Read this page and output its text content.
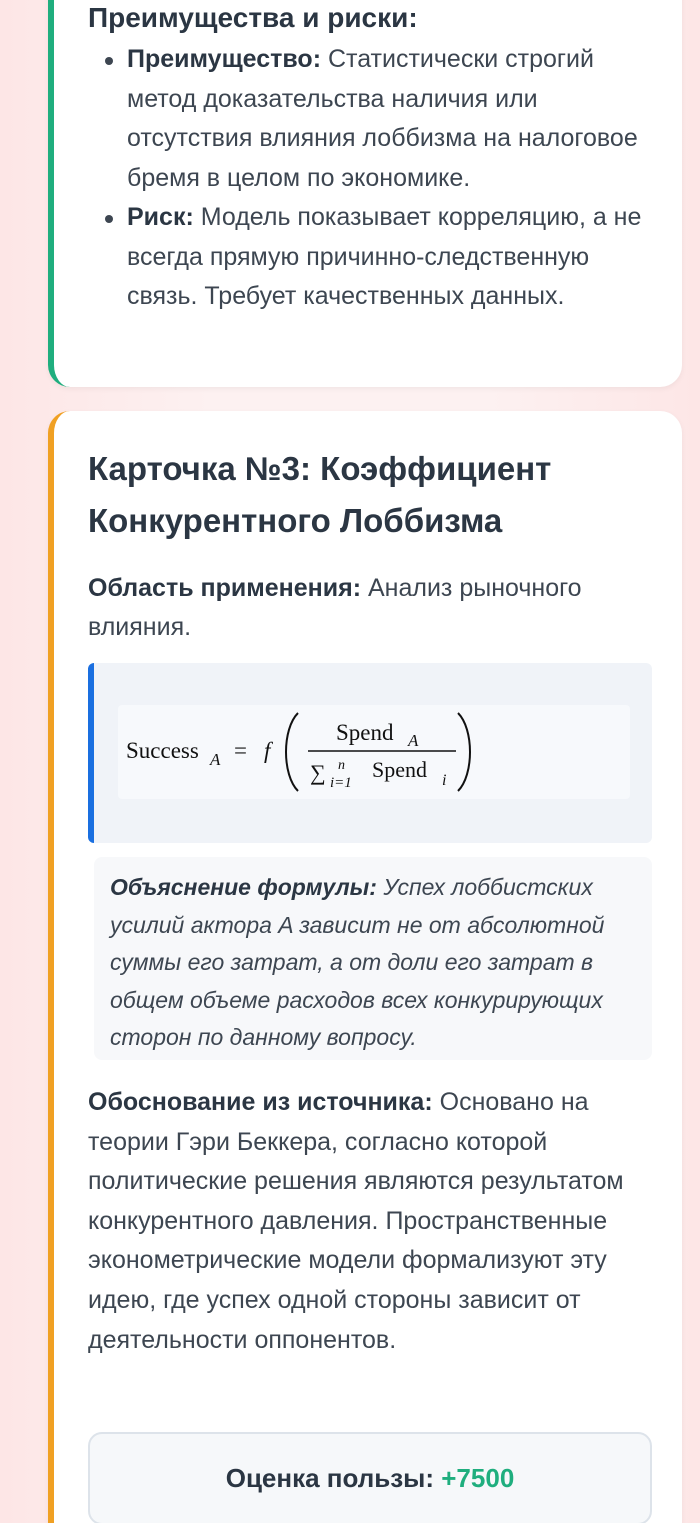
Преимущества и риски:
Преимущество: Статистически строгий метод доказательства наличия или отсутствия влияния лоббизма на налоговое бремя в целом по экономике.
Риск: Модель показывает корреляцию, а не всегда прямую причинно-следственную связь. Требует качественных данных.
Карточка №3: Коэффициент Конкурентного Лоббизма

Область применения: Анализ рыночного влияния.

Success A = f
Spend A
∑ n
i=1
Spend i
Объяснение формулы: Успех лоббистских усилий актора A зависит не от абсолютной суммы его затрат, а от доли его затрат в общем объеме расходов всех конкурирующих сторон по данному вопросу.

Обоснование из источника: Основано на теории Гэри Беккера, согласно которой политические решения являются результатом конкурентного давления. Пространственные эконометрические модели формализуют эту идею, где успех одной стороны зависит от деятельности оппонентов.

Оценка пользы: +7500
